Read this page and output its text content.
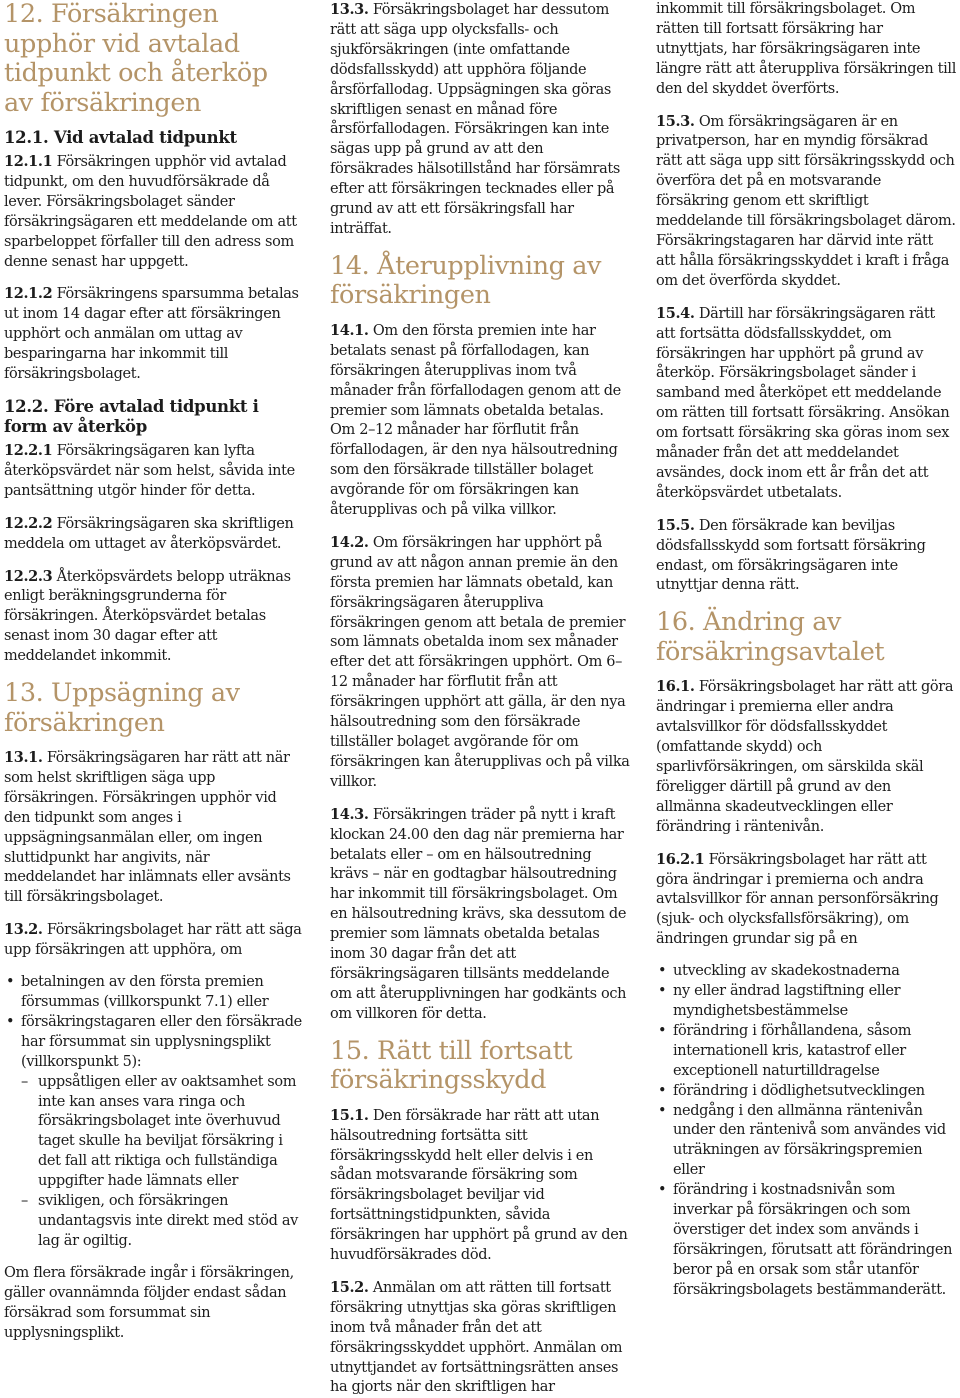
12. Försäkringen upphör vid avtalad tidpunkt och återköp av försäkringen
12.1. Vid avtalad tidpunkt

12.1.1 Försäkringen upphör vid avtalad tidpunkt, om den huvudförsäkrade då lever. Försäkringsbolaget sänder försäkringsägaren ett meddelande om att sparbeloppet förfaller till den adress som denne senast har uppgett.

12.1.2 Försäkringens sparsumma betalas ut inom 14 dagar efter att försäkringen upphört och anmälan om uttag av besparingarna har inkommit till försäkringsbolaget.

12.2. Före avtalad tidpunkt i form av återköp

12.2.1 Försäkringsägaren kan lyfta återköpsvärdet när som helst, såvida inte pantsättning utgör hinder för detta.

12.2.2 Försäkringsägaren ska skriftligen meddela om uttaget av återköpsvärdet.

12.2.3 Återköpsvärdets belopp uträknas enligt beräkningsgrunderna för försäkringen. Återköpsvärdet betalas senast inom 30 dagar efter att meddelandet inkommit.

13. Uppsägning av försäkringen

13.1. Försäkringsägaren har rätt att när som helst skriftligen säga upp försäkringen. Försäkringen upphör vid den tidpunkt som anges i uppsägningsanmälan eller, om ingen sluttidpunkt har angivits, när meddelandet har inlämnats eller avsänts till försäkringsbolaget.

13.2. Försäkringsbolaget har rätt att säga upp försäkringen att upphöra, om

• betalningen av den första premien försummas (villkorspunkt 7.1) eller
• försäkringstagaren eller den försäkrade har försummat sin upplysningsplikt (villkorspunkt 5):
– uppsåtligen eller av oaktsamhet som inte kan anses vara ringa och försäkringsbolaget inte överhuvud taget skulle ha beviljat försäkring i det fall att riktiga och fullständiga uppgifter hade lämnats eller
– svikligen, och försäkringen undantagsvis inte direkt med stöd av lag är ogiltig.

Om flera försäkrade ingår i försäkringen, gäller ovannämnda följder endast sådan försäkrad som forsummat sin upplysningsplikt.

13.3. Försäkringsbolaget har dessutom rätt att säga upp olycksfalls- och sjukförsäkringen (inte omfattande dödsfallsskydd) att upphöra följande årsförfallodag. Uppsägningen ska göras skriftligen senast en månad före årsförfallodagen. Försäkringen kan inte sägas upp på grund av att den försäkrades hälsotillstånd har försämrats efter att försäkringen tecknades eller på grund av att ett försäkringsfall har inträffat.

14. Återupplivning av försäkringen

14.1. Om den första premien inte har betalats senast på förfallodagen, kan försäkringen återupplivas inom två månader från förfallodagen genom att de premier som lämnats obetalda betalas. Om 2–12 månader har förflutit från förfallodagen, är den nya hälsoutredning som den försäkrade tillställer bolaget avgörande för om försäkringen kan återupplivas och på vilka villkor.

14.2. Om försäkringen har upphört på grund av att någon annan premie än den första premien har lämnats obetald, kan försäkringsägaren återuppliva försäkringen genom att betala de premier som lämnats obetalda inom sex månader efter det att försäkringen upphört. Om 6–12 månader har förflutit från att försäkringen upphört att gälla, är den nya hälsoutredning som den försäkrade tillställer bolaget avgörande för om försäkringen kan återupplivas och på vilka villkor.

14.3. Försäkringen träder på nytt i kraft klockan 24.00 den dag när premierna har betalats eller – om en hälsoutredning krävs – när en godtagbar hälsoutredning har inkommit till försäkringsbolaget. Om en hälsoutredning krävs, ska dessutom de premier som lämnats obetalda betalas inom 30 dagar från det att försäkringsägaren tillsänts meddelande om att återupplivningen har godkänts och om villkoren för detta.

15. Rätt till fortsatt försäkringsskydd

15.1. Den försäkrade har rätt att utan hälsoutredning fortsätta sitt försäkringsskydd helt eller delvis i en sådan motsvarande försäkring som försäkringsbolaget beviljar vid fortsättningstidpunkten, såvida försäkringen har upphört på grund av den huvudförsäkrades död.

15.2. Anmälan om att rätten till fortsatt försäkring utnyttjas ska göras skriftligen inom två månader från det att försäkringsskyddet upphört. Anmälan om utnyttjandet av fortsättningsrätten anses ha gjorts när den skriftligen har

inkommit till försäkringsbolaget. Om rätten till fortsatt försäkring har utnyttjats, har försäkringsägaren inte längre rätt att återuppliva försäkringen till den del skyddet överförts.

15.3. Om försäkringsägaren är en privatperson, har en myndig försäkrad rätt att säga upp sitt försäkringsskydd och överföra det på en motsvarande försäkring genom ett skriftligt meddelande till försäkringsbolaget därom. Försäkringstagaren har därvid inte rätt att hålla försäkringsskyddet i kraft i fråga om det överförda skyddet.

15.4. Därtill har försäkringsägaren rätt att fortsätta dödsfallsskyddet, om försäkringen har upphört på grund av återköp. Försäkringsbolaget sänder i samband med återköpet ett meddelande om rätten till fortsatt försäkring. Ansökan om fortsatt försäkring ska göras inom sex månader från det att meddelandet avsändes, dock inom ett år från det att återköpsvärdet utbetalats.

15.5. Den försäkrade kan beviljas dödsfallsskydd som fortsatt försäkring endast, om försäkringsägaren inte utnyttjar denna rätt.

16. Ändring av försäkringsavtalet

16.1. Försäkringsbolaget har rätt att göra ändringar i premierna eller andra avtalsvillkor för dödsfallsskyddet (omfattande skydd) och sparlivförsäkringen, om särskilda skäl föreligger därtill på grund av den allmänna skadeutvecklingen eller förändring i räntenivån.

16.2.1 Försäkringsbolaget har rätt att göra ändringar i premierna och andra avtalsvillkor för annan personförsäkring (sjuk- och olycksfallsförsäkring), om ändringen grundar sig på en

• utveckling av skadekostnaderna
• ny eller ändrad lagstiftning eller myndighetsbestämmelse
• förändring i förhållandena, såsom internationell kris, katastrof eller exceptionell naturtilldragelse
• förändring i dödlighetsutvecklingen
• nedgång i den allmänna räntenivån under den räntenivå som användes vid uträkningen av försäkringspremien eller
• förändring i kostnadsnivån som inverkar på försäkringen och som överstiger det index som används i försäkringen, förutsatt att förändringen beror på en orsak som står utanför försäkringsbolagets bestämmanderätt.
